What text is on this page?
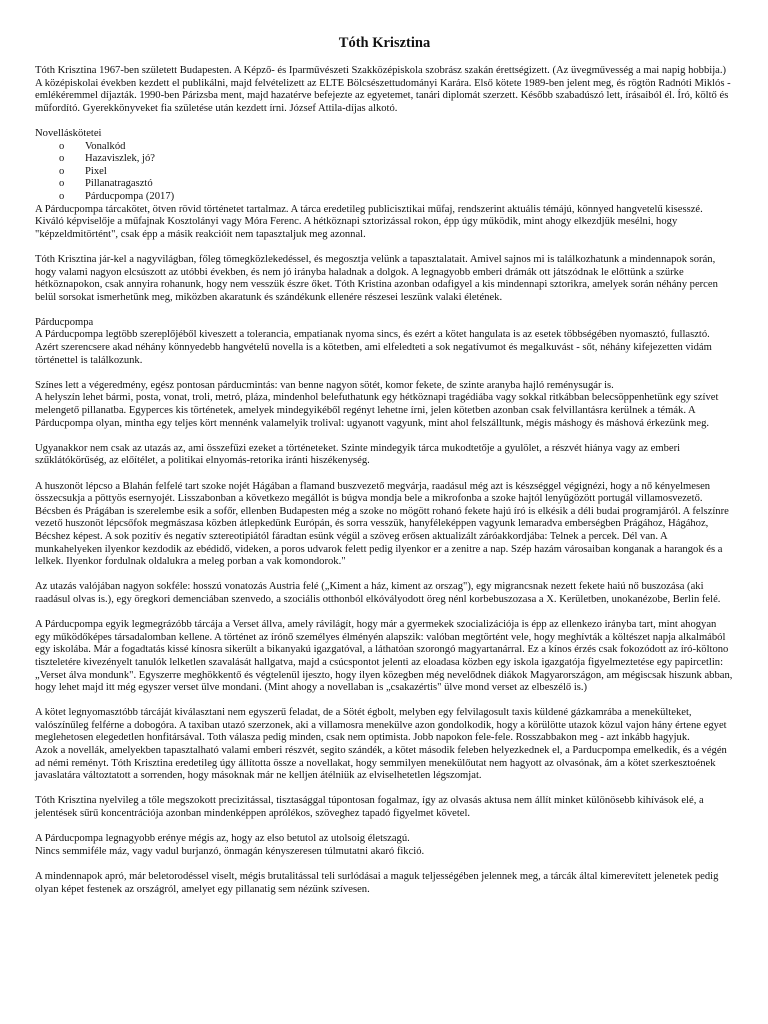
Tóth Krisztina

Tóth Krisztina 1967-ben született Budapesten. A Képző- és Iparművészeti Szakközépiskola szobrász szakán érettségizett. (Az üvegművesség a mai napig hobbija.) A középiskolai években kezdett el publikálni, majd felvételizett az ELTE Bölcsészettudományi Karára. Első kötete 1989-ben jelent meg, és rögtön Radnóti Miklós - emlékéremmel díjazták. 1990-ben Párizsba ment, majd hazatérve befejezte az egyetemet, tanári diplomát szerzett. Később szabadúszó lett, írásaiból él. Író, költő és műfordító. Gyerekkönyveket fia születése után kezdett írni. József Attila-díjas alkotó.

Novelláskötetei
o Vonalkód
o Hazaviszlek, jó?
o Pixel
o Pillanatragasztó
o Párducpompa (2017)

A Párducpompa tárcakötet, ötven rövid történetet tartalmaz. A tárca eredetileg publicisztikai műfaj, rendszerint aktuális témájú, könnyed hangvetelű kisesszé. Kiváló képviselője a műfajnak Kosztolányi vagy Móra Ferenc. A hétköznapi sztorizással rokon, épp úgy működik, mint ahogy elkezdjük mesélni, hogy "képzeldmitörtént", csak épp a másik reakcióit nem tapasztaljuk meg azonnal.

Tóth Krisztina jár-kel a nagyvilágban, főleg tömegközlekedéssel, és megosztja velünk a tapasztalatait. Amivel sajnos mi is találkozhatunk a mindennapok során, hogy valami nagyon elcsúszott az utóbbi években, és nem jó irányba haladnak a dolgok. A legnagyobb emberi drámák ott játszódnak le előttünk a szürke hétköznapokon, csak annyira rohanunk, hogy nem vesszük észre őket. Tóth Kristina azonban odafigyel a kis mindennapi sztorikra, amelyek során néhány percen belül sorsokat ismerhetünk meg, miközben akaratunk és szándékunk ellenére részesei leszünk valaki életének.

Párducpompa

A Párducpompa legtöbb szereplőjéből kiveszett a tolerancia, empatianak nyoma sincs, és ezért a kötet hangulata is az esetek többségében nyomasztó, fullasztó. Azért szerencsere akad néhány könnyedebb hangvételű novella is a kötetben, ami elfeledteti a sok negatívumot és megalkuvást - sőt, néhány kifejezetten vidám történettel is találkozunk.

Színes lett a végeredmény, egész pontosan párducmintás: van benne nagyon sötét, komor fekete, de szinte aranyba hajló reménysugár is.

A helyszín lehet bármi, posta, vonat, troli, metró, pláza, mindenhol belefuthatunk egy hétköznapi tragédiába vagy sokkal ritkábban belecsöppenhetünk egy szívet melengető pillanatba. Egyperces kis történetek, amelyek mindegyikéből regényt lehetne írni, jelen kötetben azonban csak felvillantásra kerülnek a témák. A Párducpompa olyan, mintha egy teljes kört mennénk valamelyik trolival: ugyanott vagyunk, mint ahol felszálltunk, mégis máshogy és máshová érkezünk meg.

Ugyanakkor nem csak az utazás az, ami összefűzi ezeket a történeteket. Szinte mindegyik tárca mukodtetője a gyulölet, a részvét hiánya vagy az emberi szűklátókörűség, az előítélet, a politikai elnyomás-retorika iránti hiszékenység.

A huszonöt lépcso a Blahán felfelé tart szoke nojét Hágában a flamand buszvezető megvárja, raadásul még azt is készséggel végignézi, hogy a nő kényelmesen összecsukja a pöttyös esernyojét. Lisszabonban a következo megállót is búgva mondja bele a mikrofonba a szoke hajtól lenyűgözött portugál villamosvezető. Bécsben és Prágában is szerelembe esik a sofőr, ellenben Budapesten még a szoke no mögött rohanó fekete hajú író is elkésik a déli budai programjáról. A felszínre vezető huszonöt lépcsőfok megmászasa közben átlepkedünk Európán, és sorra vesszük, hanyféleképpen vagyunk lemaradva emberségben Prágához, Hágához, Bécshez képest. A sok pozitív és negatív sztereotipiától fáradtan esünk végül a szöveg erősen aktualizált záróakkordjába: Telnek a percek. Dél van. A munkahelyeken ilyenkor kezdodik az ebédidő, videken, a poros udvarok felett pedig ilyenkor er a zenitre a nap. Szép hazám városaiban konganak a harangok és a lelkek. Ilyenkor fordulnak oldalukra a meleg porban a vak komondorok."

Az utazás valójában nagyon sokféle: hosszú vonatozás Austria felé („Kiment a ház, kiment az orszag"), egy migrancsnak nezett fekete haiú nő buszozása (aki raadásul olvas is.), egy öregkori demenciában szenvedo, a szociális otthonból elkóvályodott öreg nénl korbebuszozasa a X. Kerületben, unokanézobe, Berlin felé.

A Párducpompa egyik legmegrázóbb tárcája a Verset állva, amely rávilágít, hogy már a gyermekek szocializációja is épp az ellenkezo irányba tart, mint ahogyan egy működőképes társadalomban kellene. A történet az írónő személyes élményén alapszik: valóban megtörtént vele, hogy meghívták a költészet napja alkalmából egy iskolába. Már a fogadtatás kissé kínosra sikerült a bikanyakú igazgatóval, a láthatóan szorongó magyartanárral. Ez a kínos érzés csak fokozódott az író-költono tiszteletére kivezényelt tanulók lelketlen szavalását hallgatva, majd a csúcspontot jelenti az eloadasa közben egy iskola igazgatója figyelmeztetése egy papircetlin: „Verset álva mondunk". Egyszerre meghökkentő és végtelenül ijeszto, hogy ilyen közegben még nevelődnek diákok Magyarországon, am mégiscsak hiszunk abban, hogy lehet majd itt még egyszer verset ülve mondani. (Mint ahogy a novellaban is „csakazértis" ülve mond verset az elbeszélő is.)

A kötet legnyomasztóbb tárcáját kiválasztani nem egyszerű feladat, de a Sötét égbolt, melyben egy felvilagosult taxis küldené gázkamrába a menekülteket, valószínűleg felférne a dobogóra. A taxiban utazó szerzonek, aki a villamosra menekülve azon gondolkodik, hogy a körülötte utazok közul vajon hány értene egyet meglehetosen elegedetlen honfitársával. Toth válasza pedig minden, csak nem optimista. Jobb napokon fele-fele. Rosszabbakon meg - azt inkább hagyjuk.

Azok a novellák, amelyekben tapasztalható valami emberi részvét, segito szándék, a kötet második feleben helyezkednek el, a Parducpompa emelkedik, és a végén ad némi reményt. Tóth Krisztina eredetileg úgy állította össze a novellakat, hogy semmilyen menekülőutat nem hagyott az olvasónak, ám a kötet szerkesztoének javaslatára változtatott a sorrenden, hogy másoknak már ne kelljen átélniük az elviselhetetlen légszomjat.

Tóth Krisztina nyelvileg a tőle megszokott precizitással, tisztasággal túpontosan fogalmaz, így az olvasás aktusa nem állít minket különösebb kihívások elé, a jelentések sűrű koncentrációja azonban mindenképpen aprólékos, szöveghez tapadó figyelmet követel.

A Párducpompa legnagyobb erénye mégis az, hogy az elso betutol az utolsoig életszagú.

Nincs semmiféle máz, vagy vadul burjanzó, önmagán kényszeresen túlmutatni akaró fikció.

A mindennapok apró, már beletorodéssel viselt, mégis brutalitással teli surlódásai a maguk teljességében jelennek meg, a tárcák által kimerevített jelenetek pedig olyan képet festenek az országról, amelyet egy pillanatig sem nézünk szívesen.
